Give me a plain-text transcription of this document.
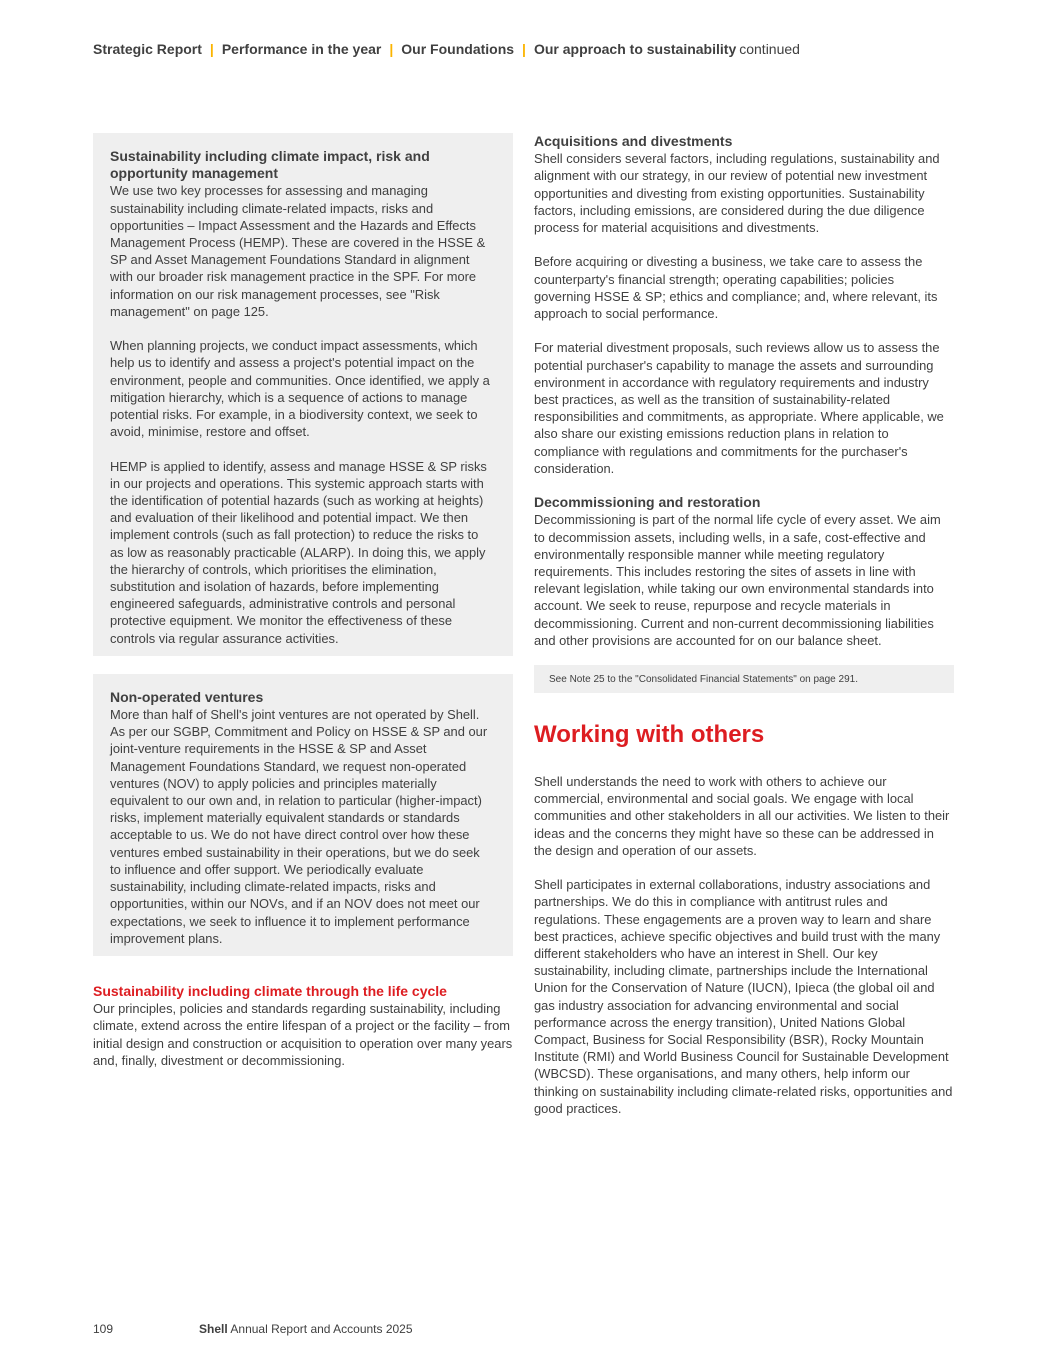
Strategic Report | Performance in the year | Our Foundations | Our approach to sustainability continued
Sustainability including climate impact, risk and opportunity management

We use two key processes for assessing and managing sustainability including climate-related impacts, risks and opportunities – Impact Assessment and the Hazards and Effects Management Process (HEMP). These are covered in the HSSE & SP and Asset Management Foundations Standard in alignment with our broader risk management practice in the SPF. For more information on our risk management processes, see "Risk management" on page 125.

When planning projects, we conduct impact assessments, which help us to identify and assess a project's potential impact on the environment, people and communities. Once identified, we apply a mitigation hierarchy, which is a sequence of actions to manage potential risks. For example, in a biodiversity context, we seek to avoid, minimise, restore and offset.

HEMP is applied to identify, assess and manage HSSE & SP risks in our projects and operations. This systemic approach starts with the identification of potential hazards (such as working at heights) and evaluation of their likelihood and potential impact. We then implement controls (such as fall protection) to reduce the risks to as low as reasonably practicable (ALARP). In doing this, we apply the hierarchy of controls, which prioritises the elimination, substitution and isolation of hazards, before implementing engineered safeguards, administrative controls and personal protective equipment. We monitor the effectiveness of these controls via regular assurance activities.

Non-operated ventures

More than half of Shell's joint ventures are not operated by Shell. As per our SGBP, Commitment and Policy on HSSE & SP and our joint-venture requirements in the HSSE & SP and Asset Management Foundations Standard, we request non-operated ventures (NOV) to apply policies and principles materially equivalent to our own and, in relation to particular (higher-impact) risks, implement materially equivalent standards or standards acceptable to us. We do not have direct control over how these ventures embed sustainability in their operations, but we do seek to influence and offer support. We periodically evaluate sustainability, including climate-related impacts, risks and opportunities, within our NOVs, and if an NOV does not meet our expectations, we seek to influence it to implement performance improvement plans.

Sustainability including climate through the life cycle

Our principles, policies and standards regarding sustainability, including climate, extend across the entire lifespan of a project or the facility – from initial design and construction or acquisition to operation over many years and, finally, divestment or decommissioning.

Acquisitions and divestments

Shell considers several factors, including regulations, sustainability and alignment with our strategy, in our review of potential new investment opportunities and divesting from existing opportunities. Sustainability factors, including emissions, are considered during the due diligence process for material acquisitions and divestments.

Before acquiring or divesting a business, we take care to assess the counterparty's financial strength; operating capabilities; policies governing HSSE & SP; ethics and compliance; and, where relevant, its approach to social performance.

For material divestment proposals, such reviews allow us to assess the potential purchaser's capability to manage the assets and surrounding environment in accordance with regulatory requirements and industry best practices, as well as the transition of sustainability-related responsibilities and commitments, as appropriate. Where applicable, we also share our existing emissions reduction plans in relation to compliance with regulations and commitments for the purchaser's consideration.

Decommissioning and restoration

Decommissioning is part of the normal life cycle of every asset. We aim to decommission assets, including wells, in a safe, cost-effective and environmentally responsible manner while meeting regulatory requirements. This includes restoring the sites of assets in line with relevant legislation, while taking our own environmental standards into account. We seek to reuse, repurpose and recycle materials in decommissioning. Current and non-current decommissioning liabilities and other provisions are accounted for on our balance sheet.

See Note 25 to the "Consolidated Financial Statements" on page 291.

Working with others

Shell understands the need to work with others to achieve our commercial, environmental and social goals. We engage with local communities and other stakeholders in all our activities. We listen to their ideas and the concerns they might have so these can be addressed in the design and operation of our assets.

Shell participates in external collaborations, industry associations and partnerships. We do this in compliance with antitrust rules and regulations. These engagements are a proven way to learn and share best practices, achieve specific objectives and build trust with the many different stakeholders who have an interest in Shell. Our key sustainability, including climate, partnerships include the International Union for the Conservation of Nature (IUCN), Ipieca (the global oil and gas industry association for advancing environmental and social performance across the energy transition), United Nations Global Compact, Business for Social Responsibility (BSR), Rocky Mountain Institute (RMI) and World Business Council for Sustainable Development (WBCSD). These organisations, and many others, help inform our thinking on sustainability including climate-related risks, opportunities and good practices.

109	Shell Annual Report and Accounts 2025
